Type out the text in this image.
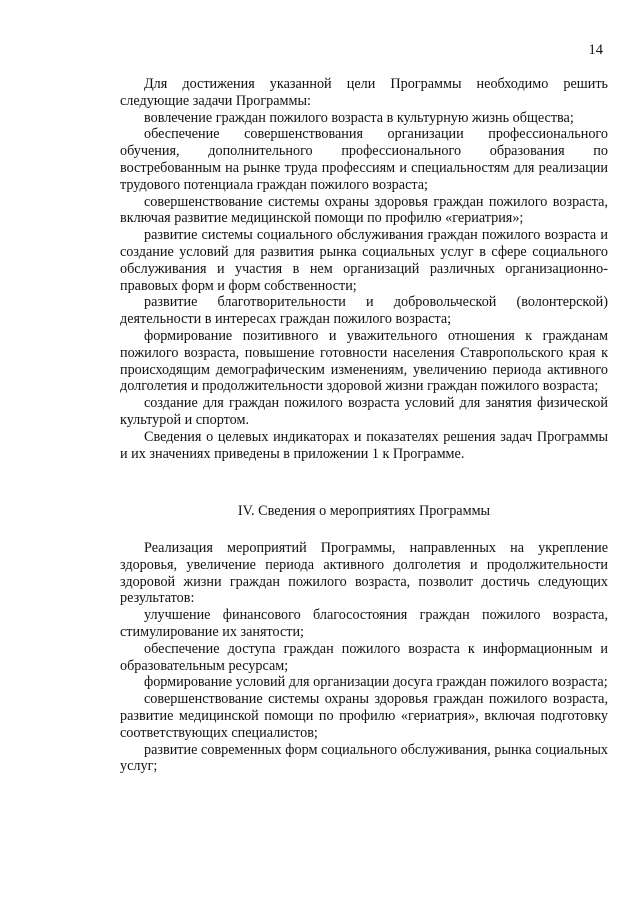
14

Для достижения указанной цели Программы необходимо решить следующие задачи Программы:

вовлечение граждан пожилого возраста в культурную жизнь общества;

обеспечение совершенствования организации профессионального обучения, дополнительного профессионального образования по востребованным на рынке труда профессиям и специальностям для реализации трудового потенциала граждан пожилого возраста;

совершенствование системы охраны здоровья граждан пожилого возраста, включая развитие медицинской помощи по профилю «гериатрия»;

развитие системы социального обслуживания граждан пожилого возраста и создание условий для развития рынка социальных услуг в сфере социального обслуживания и участия в нем организаций различных организационно-правовых форм и форм собственности;

развитие благотворительности и добровольческой (волонтерской) деятельности в интересах граждан пожилого возраста;

формирование позитивного и уважительного отношения к гражданам пожилого возраста, повышение готовности населения Ставропольского края к происходящим демографическим изменениям, увеличению периода активного долголетия и продолжительности здоровой жизни граждан пожилого возраста;

создание для граждан пожилого возраста условий для занятия физической культурой и спортом.

Сведения о целевых индикаторах и показателях решения задач Программы и их значениях приведены в приложении 1 к Программе.

IV. Сведения о мероприятиях Программы

Реализация мероприятий Программы, направленных на укрепление здоровья, увеличение периода активного долголетия и продолжительности здоровой жизни граждан пожилого возраста, позволит достичь следующих результатов:

улучшение финансового благосостояния граждан пожилого возраста, стимулирование их занятости;

обеспечение доступа граждан пожилого возраста к информационным и образовательным ресурсам;

формирование условий для организации досуга граждан пожилого возраста;

совершенствование системы охраны здоровья граждан пожилого возраста, развитие медицинской помощи по профилю «гериатрия», включая подготовку соответствующих специалистов;

развитие современных форм социального обслуживания, рынка социальных услуг;
